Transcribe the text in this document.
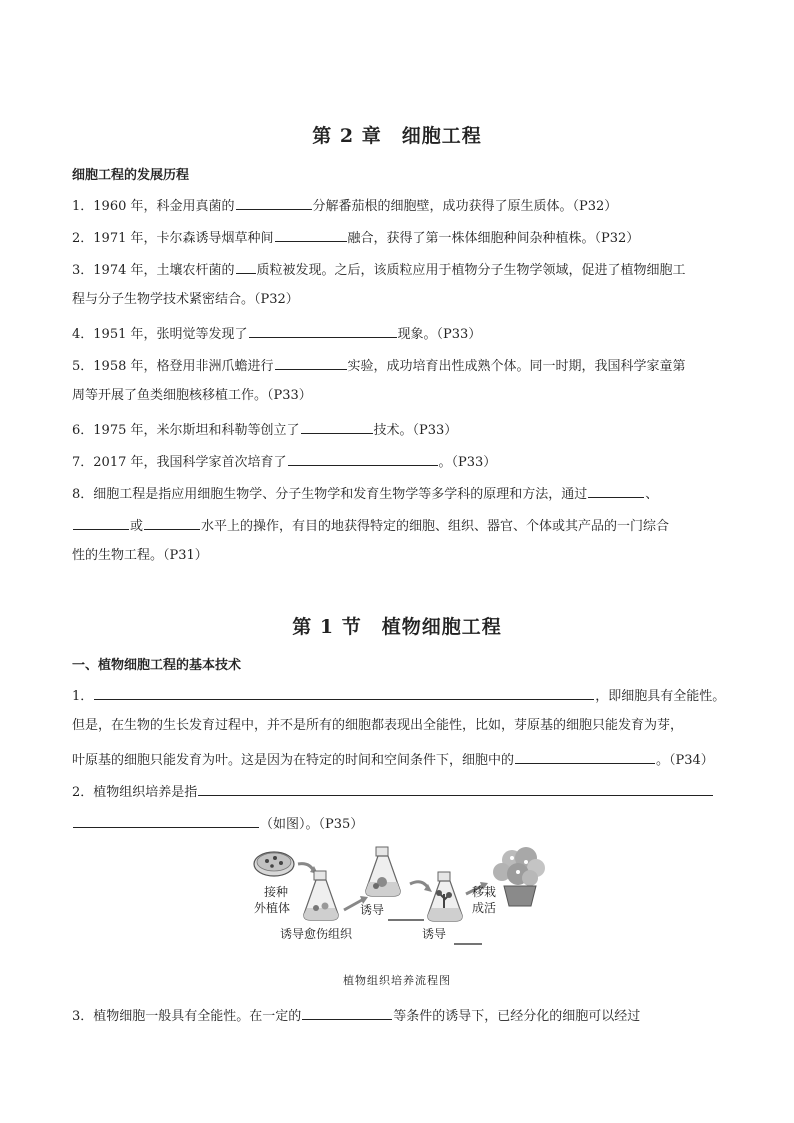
第 2 章　细胞工程
细胞工程的发展历程
1．1960 年，科金用真菌的	分解番茄根的细胞壁，成功获得了原生质体。（P32）
2．1971 年，卡尔森诱导烟草种间	融合，获得了第一株体细胞种间杂种植株。（P32）
3．1974 年，土壤农杆菌的 质粒被发现。之后，该质粒应用于植物分子生物学领域，促进了植物细胞工
程与分子生物学技术紧密结合。（P32）
4．1951 年，张明觉等发现了	现象。（P33）
5．1958 年，格登用非洲爪蟾进行	实验，成功培育出性成熟个体。同一时期，我国科学家童第
周等开展了鱼类细胞核移植工作。（P33）
6．1975 年，米尔斯坦和科勒等创立了	技术。（P33）
7．2017 年，我国科学家首次培育了	。（P33）
8．细胞工程是指应用细胞生物学、分子生物学和发育生物学等多学科的原理和方法，通过	、
或	水平上的操作，有目的地获得特定的细胞、组织、器官、个体或其产品的一门综合
性的生物工程。（P31）
第 1 节　植物细胞工程
一、植物细胞工程的基本技术
1．	，即细胞具有全能性。
但是，在生物的生长发育过程中，并不是所有的细胞都表现出全能性，比如，芽原基的细胞只能发育为芽，
叶原基的细胞只能发育为叶。这是因为在特定的时间和空间条件下，细胞中的	。（P34）
2．植物组织培养是指
（如图）。（P35）
接种
外植体	诱导
诱导愈伤组织	诱导
移栽
成活
植物组织培养流程图
3．植物细胞一般具有全能性。在一定的	等条件的诱导下，已经分化的细胞可以经过
